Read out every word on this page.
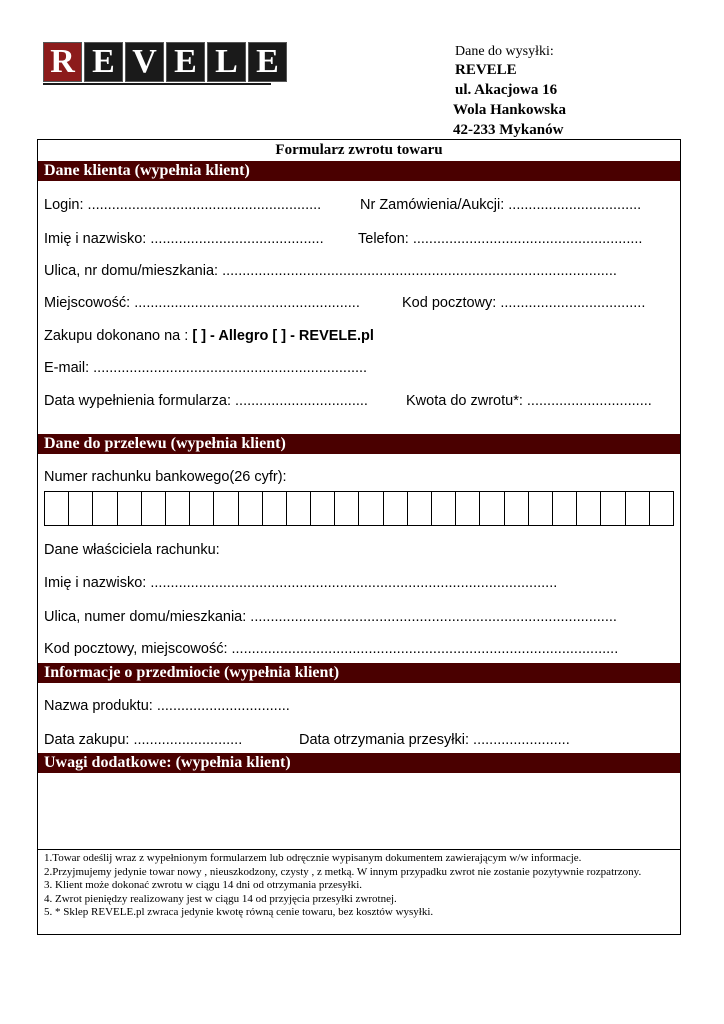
R E V E L E	Dane do wysyłki:
REVELE
ul. Akacjowa 16
Wola Hankowska
42-233 Mykanów
Formularz zwrotu towaru
Dane klienta (wypełnia klient)
Login: ..........................................................	Nr Zamówienia/Aukcji: .................................
Imię i nazwisko: ........................................... Telefon: .........................................................
Ulica, nr domu/mieszkania: ..................................................................................................
Miejscowość: ........................................................	Kod pocztowy: ....................................
Zakupu dokonano na : [ ] - Allegro [ ] - REVELE.pl
E-mail: ....................................................................
Data wypełnienia formularza: .................................	Kwota do zwrotu*: ...............................
Dane do przelewu (wypełnia klient)
Numer rachunku bankowego(26 cyfr):
Dane właściciela rachunku:
Imię i nazwisko: .....................................................................................................
Ulica, numer domu/mieszkania: ...........................................................................................
Kod pocztowy, miejscowość: ................................................................................................
Informacje o przedmiocie (wypełnia klient)
Nazwa produktu: .................................
Data zakupu: ...........................	Data otrzymania przesyłki: ........................
Uwagi dodatkowe: (wypełnia klient)
1.Towar odeślij wraz z wypełnionym formularzem lub odręcznie wypisanym dokumentem zawierającym w/w informacje.
2.Przyjmujemy jedynie towar nowy , nieuszkodzony, czysty , z metką. W innym przypadku zwrot nie zostanie pozytywnie rozpatrzony.
3. Klient może dokonać zwrotu w ciągu 14 dni od otrzymania przesyłki.
4. Zwrot pieniędzy realizowany jest w ciągu 14 od przyjęcia przesyłki zwrotnej.
5. * Sklep REVELE.pl zwraca jedynie kwotę równą cenie towaru, bez kosztów wysyłki.
